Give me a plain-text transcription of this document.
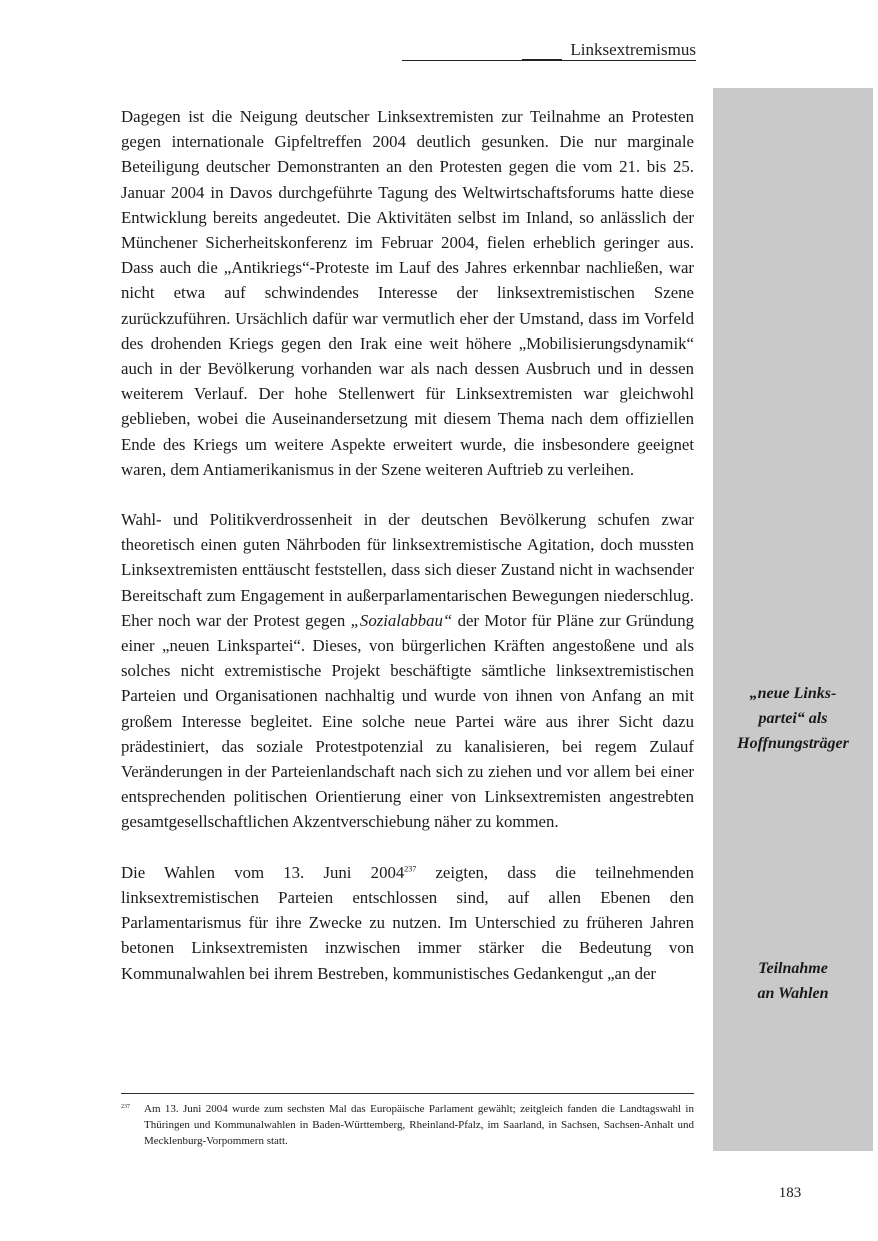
Linksextremismus
„neue Links-
partei“ als
Hoffnungsträger
Teilnahme
an Wahlen

Dagegen ist die Neigung deutscher Linksextremisten zur Teilnahme an Protesten gegen internationale Gipfeltreffen 2004 deutlich gesunken. Die nur marginale Beteiligung deutscher Demonstranten an den Protesten gegen die vom 21. bis 25. Januar 2004 in Davos durchgeführte Tagung des Weltwirtschaftsforums hatte diese Entwicklung bereits angedeutet. Die Aktivitäten selbst im Inland, so anlässlich der Münchener Sicherheitskonferenz im Februar 2004, fielen erheblich geringer aus. Dass auch die „Antikriegs“-Proteste im Lauf des Jahres erkennbar nachließen, war nicht etwa auf schwindendes Interesse der linksextremistischen Szene zurückzuführen. Ursächlich dafür war vermutlich eher der Umstand, dass im Vorfeld des drohenden Kriegs gegen den Irak eine weit höhere „Mobilisierungsdynamik“ auch in der Bevölkerung vorhanden war als nach dessen Ausbruch und in dessen weiterem Verlauf. Der hohe Stellenwert für Linksextremisten war gleichwohl geblieben, wobei die Auseinandersetzung mit diesem Thema nach dem offiziellen Ende des Kriegs um weitere Aspekte erweitert wurde, die insbesondere geeignet waren, dem Antiamerikanismus in der Szene weiteren Auftrieb zu verleihen.

Wahl- und Politikverdrossenheit in der deutschen Bevölkerung schufen zwar theoretisch einen guten Nährboden für linksextremistische Agitation, doch mussten Linksextremisten enttäuscht feststellen, dass sich dieser Zustand nicht in wachsender Bereitschaft zum Engagement in außerparlamentarischen Bewegungen niederschlug. Eher noch war der Protest gegen „Sozialabbau“ der Motor für Pläne zur Gründung einer „neuen Linkspartei“. Dieses, von bürgerlichen Kräften angestoßene und als solches nicht extremistische Projekt beschäftigte sämtliche linksextremistischen Parteien und Organisationen nachhaltig und wurde von ihnen von Anfang an mit großem Interesse begleitet. Eine solche neue Partei wäre aus ihrer Sicht dazu prädestiniert, das soziale Protestpotenzial zu kanalisieren, bei regem Zulauf Veränderungen in der Parteienlandschaft nach sich zu ziehen und vor allem bei einer entsprechenden politischen Orientierung einer von Linksextremisten angestrebten gesamtgesellschaftlichen Akzentverschiebung näher zu kommen.

Die Wahlen vom 13. Juni 2004$^{237}$ zeigten, dass die teilnehmenden linksextremistischen Parteien entschlossen sind, auf allen Ebenen den Parlamentarismus für ihre Zwecke zu nutzen. Im Unterschied zu früheren Jahren betonen Linksextremisten inzwischen immer stärker die Bedeutung von Kommunalwahlen bei ihrem Bestreben, kommunistisches Gedankengut „an der

237 Am 13. Juni 2004 wurde zum sechsten Mal das Europäische Parlament gewählt; zeitgleich fanden die Landtagswahl in Thüringen und Kommunalwahlen in Baden-Württemberg, Rheinland-Pfalz, im Saarland, in Sachsen, Sachsen-Anhalt und Mecklenburg-Vorpommern statt.
183
